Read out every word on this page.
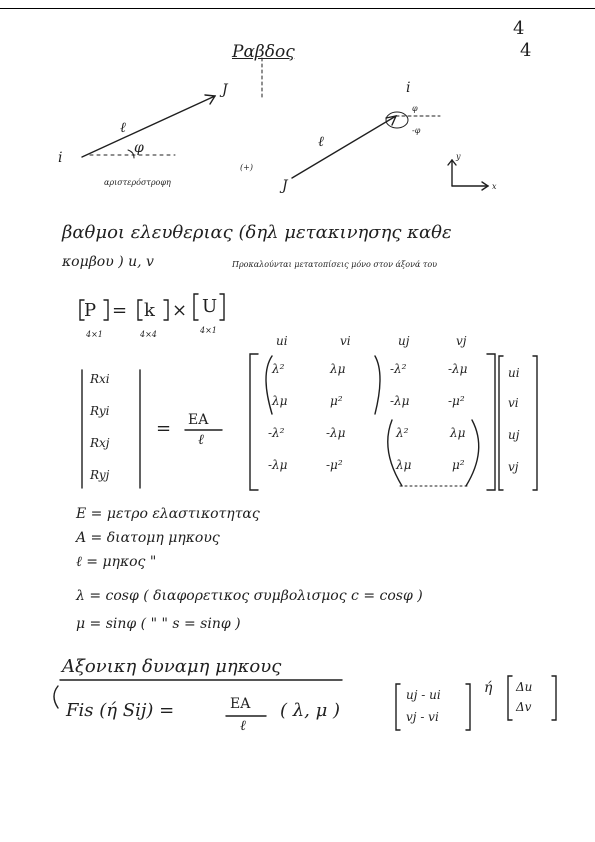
4
4
Ραβδος
i
J
ℓ
φ
αριστερόστροφη
(+)
i
J
ℓ
φ
-φ
x
y
βαθμοι ελευθεριας (δηλ μετακινησης καθε
κομβου ) u, v	Προκαλούνται μετατοπίσεις μόνο στον άξονά του
P = k × U
4×1	4×4	4×1
ui	vi	uj	vj
Rxi
Ryi
Rxj
Ryj
= EA
ℓ
λ²	λμ	-λ²	-λμ
λμ	μ²	-λμ	-μ²
-λ²	-λμ	λ²	λμ
-λμ	-μ²	λμ	μ²
ui
vi
uj
vj
E = μετρο ελαστικοτητας
A = διατομη μηκους
ℓ = μηκος "
λ = cosφ ( διαφορετικος συμβολισμος c = cosφ )
μ = sinφ ( " " s = sinφ )
Αξονικη δυναμη μηκους
Fis (ή Sij) =	EA
ℓ
( λ, μ )
uj - ui
vj - vi
ή Δu
Δv
